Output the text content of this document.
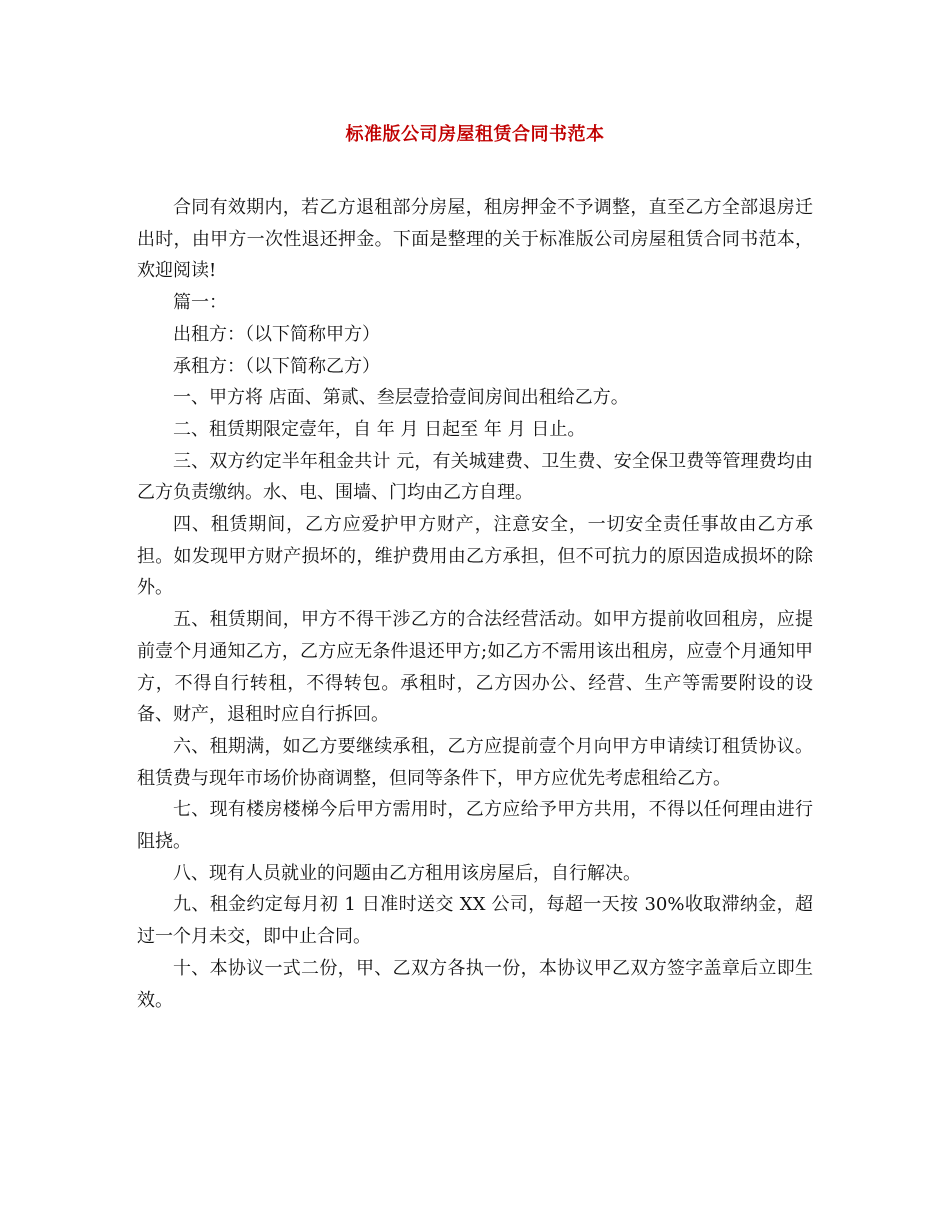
标准版公司房屋租赁合同书范本

合同有效期内，若乙方退租部分房屋，租房押金不予调整，直至乙方全部退房迁出时，由甲方一次性退还押金。下面是整理的关于标准版公司房屋租赁合同书范本，欢迎阅读!

篇一：

出租方：（以下简称甲方）

承租方：（以下简称乙方）

一、甲方将 店面、第贰、叁层壹拾壹间房间出租给乙方。

二、租赁期限定壹年，自 年 月 日起至 年 月 日止。

三、双方约定半年租金共计 元，有关城建费、卫生费、安全保卫费等管理费均由乙方负责缴纳。水、电、围墙、门均由乙方自理。

四、租赁期间，乙方应爱护甲方财产，注意安全，一切安全责任事故由乙方承担。如发现甲方财产损坏的，维护费用由乙方承担，但不可抗力的原因造成损坏的除外。

五、租赁期间，甲方不得干涉乙方的合法经营活动。如甲方提前收回租房，应提前壹个月通知乙方，乙方应无条件退还甲方;如乙方不需用该出租房，应壹个月通知甲方，不得自行转租，不得转包。承租时，乙方因办公、经营、生产等需要附设的设备、财产，退租时应自行拆回。

六、租期满，如乙方要继续承租，乙方应提前壹个月向甲方申请续订租赁协议。租赁费与现年市场价协商调整，但同等条件下，甲方应优先考虑租给乙方。

七、现有楼房楼梯今后甲方需用时，乙方应给予甲方共用，不得以任何理由进行阻挠。

八、现有人员就业的问题由乙方租用该房屋后，自行解决。

九、租金约定每月初 1 日准时送交 XX 公司，每超一天按 30%收取滞纳金，超过一个月未交，即中止合同。

十、本协议一式二份，甲、乙双方各执一份，本协议甲乙双方签字盖章后立即生效。
